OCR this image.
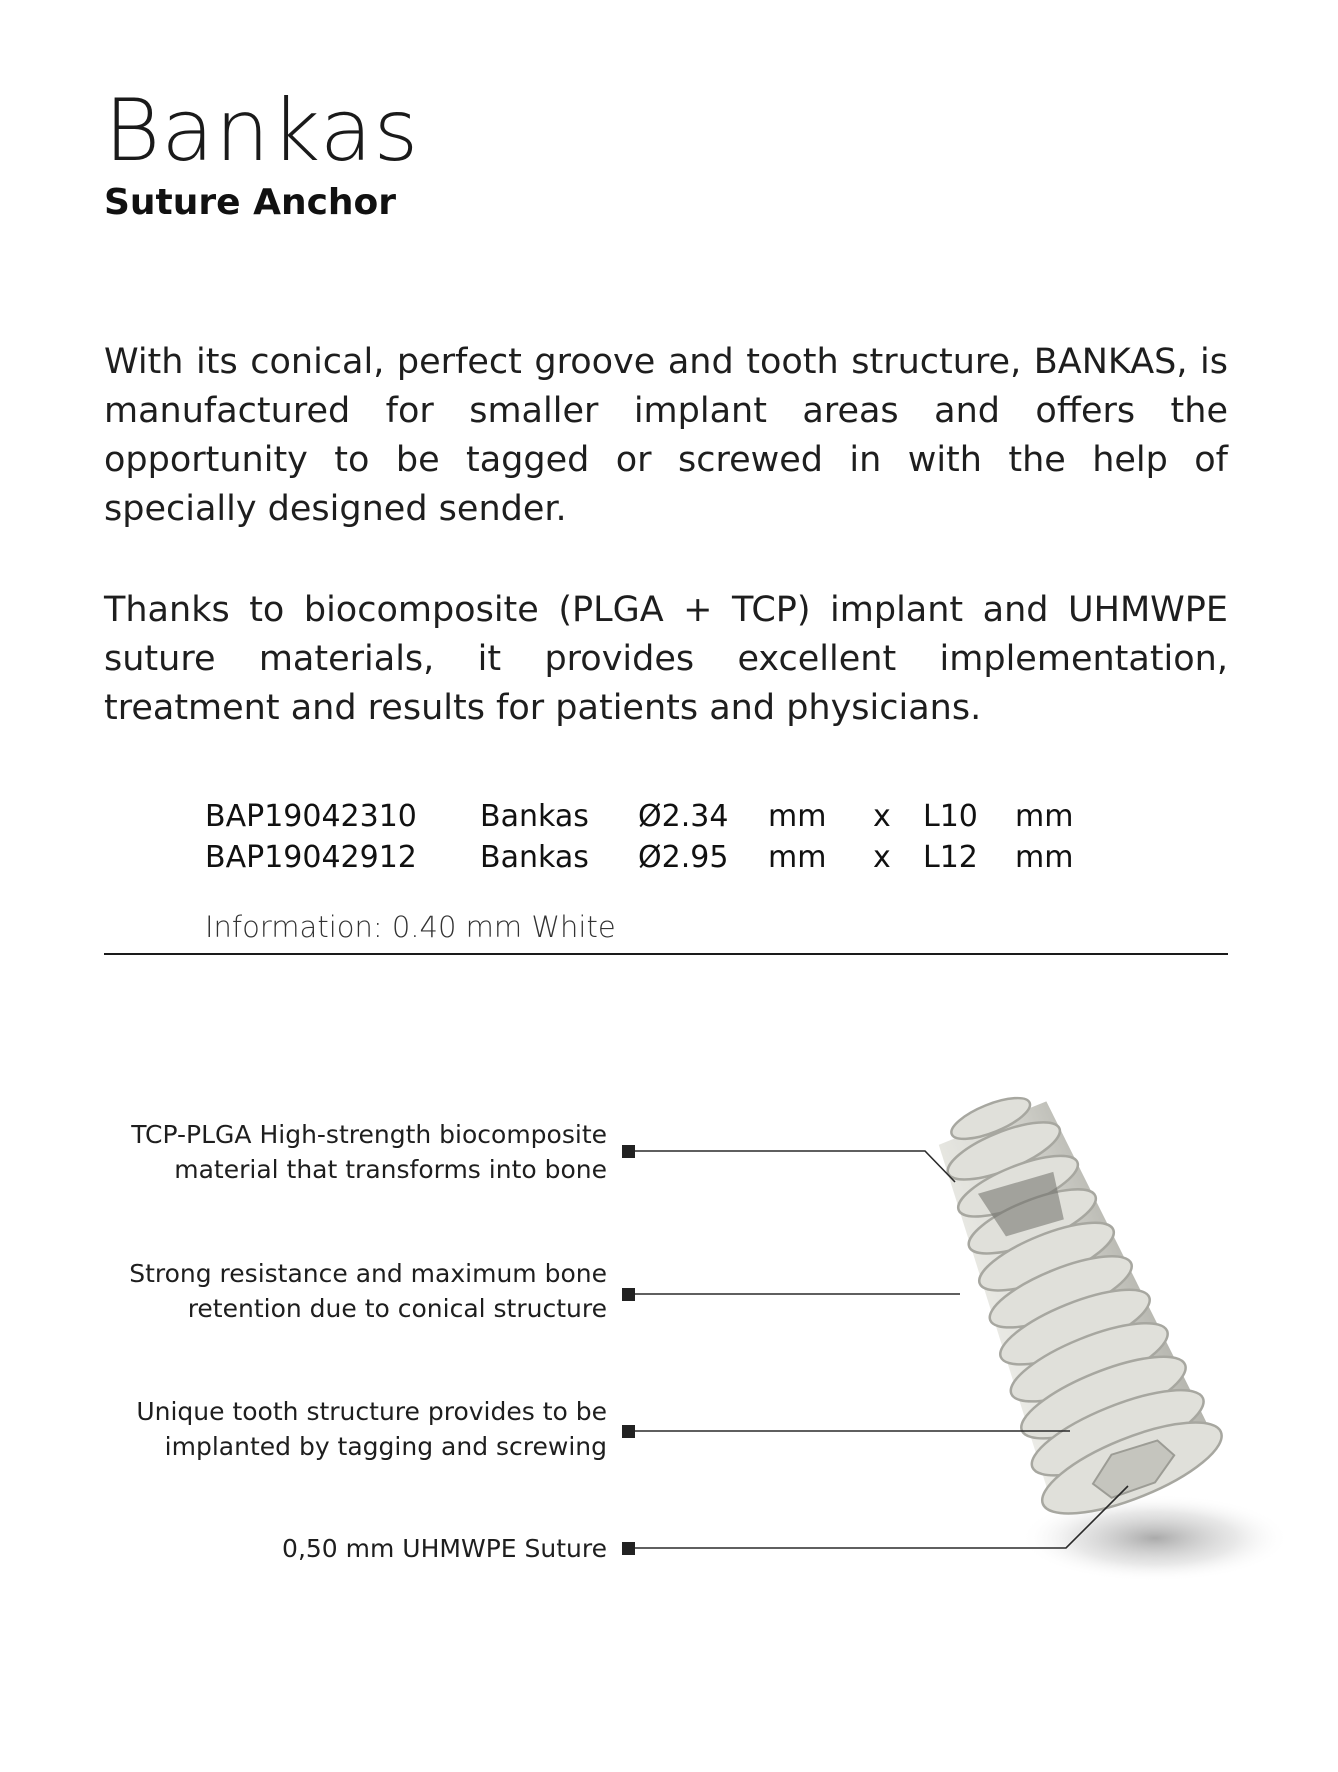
Bankas
Suture Anchor

With its conical, perfect groove and tooth structure, BANKAS, is manufactured for smaller implant areas and offers the opportunity to be tagged or screwed in with the help of specially designed sender.

Thanks to biocomposite (PLGA + TCP) implant and UHMWPE suture materials, it provides excellent implementation, treatment and results for patients and physicians.

BAP19042310	Bankas	Ø2.34	mm	x	L10	mm
BAP19042912	Bankas	Ø2.95	mm	x	L12	mm

Information: 0.40 mm White

TCP-PLGA High-strength biocomposite
material that transforms into bone
Strong resistance and maximum bone
retention due to conical structure
Unique tooth structure provides to be
implanted by tagging and screwing
0,50 mm UHMWPE Suture
